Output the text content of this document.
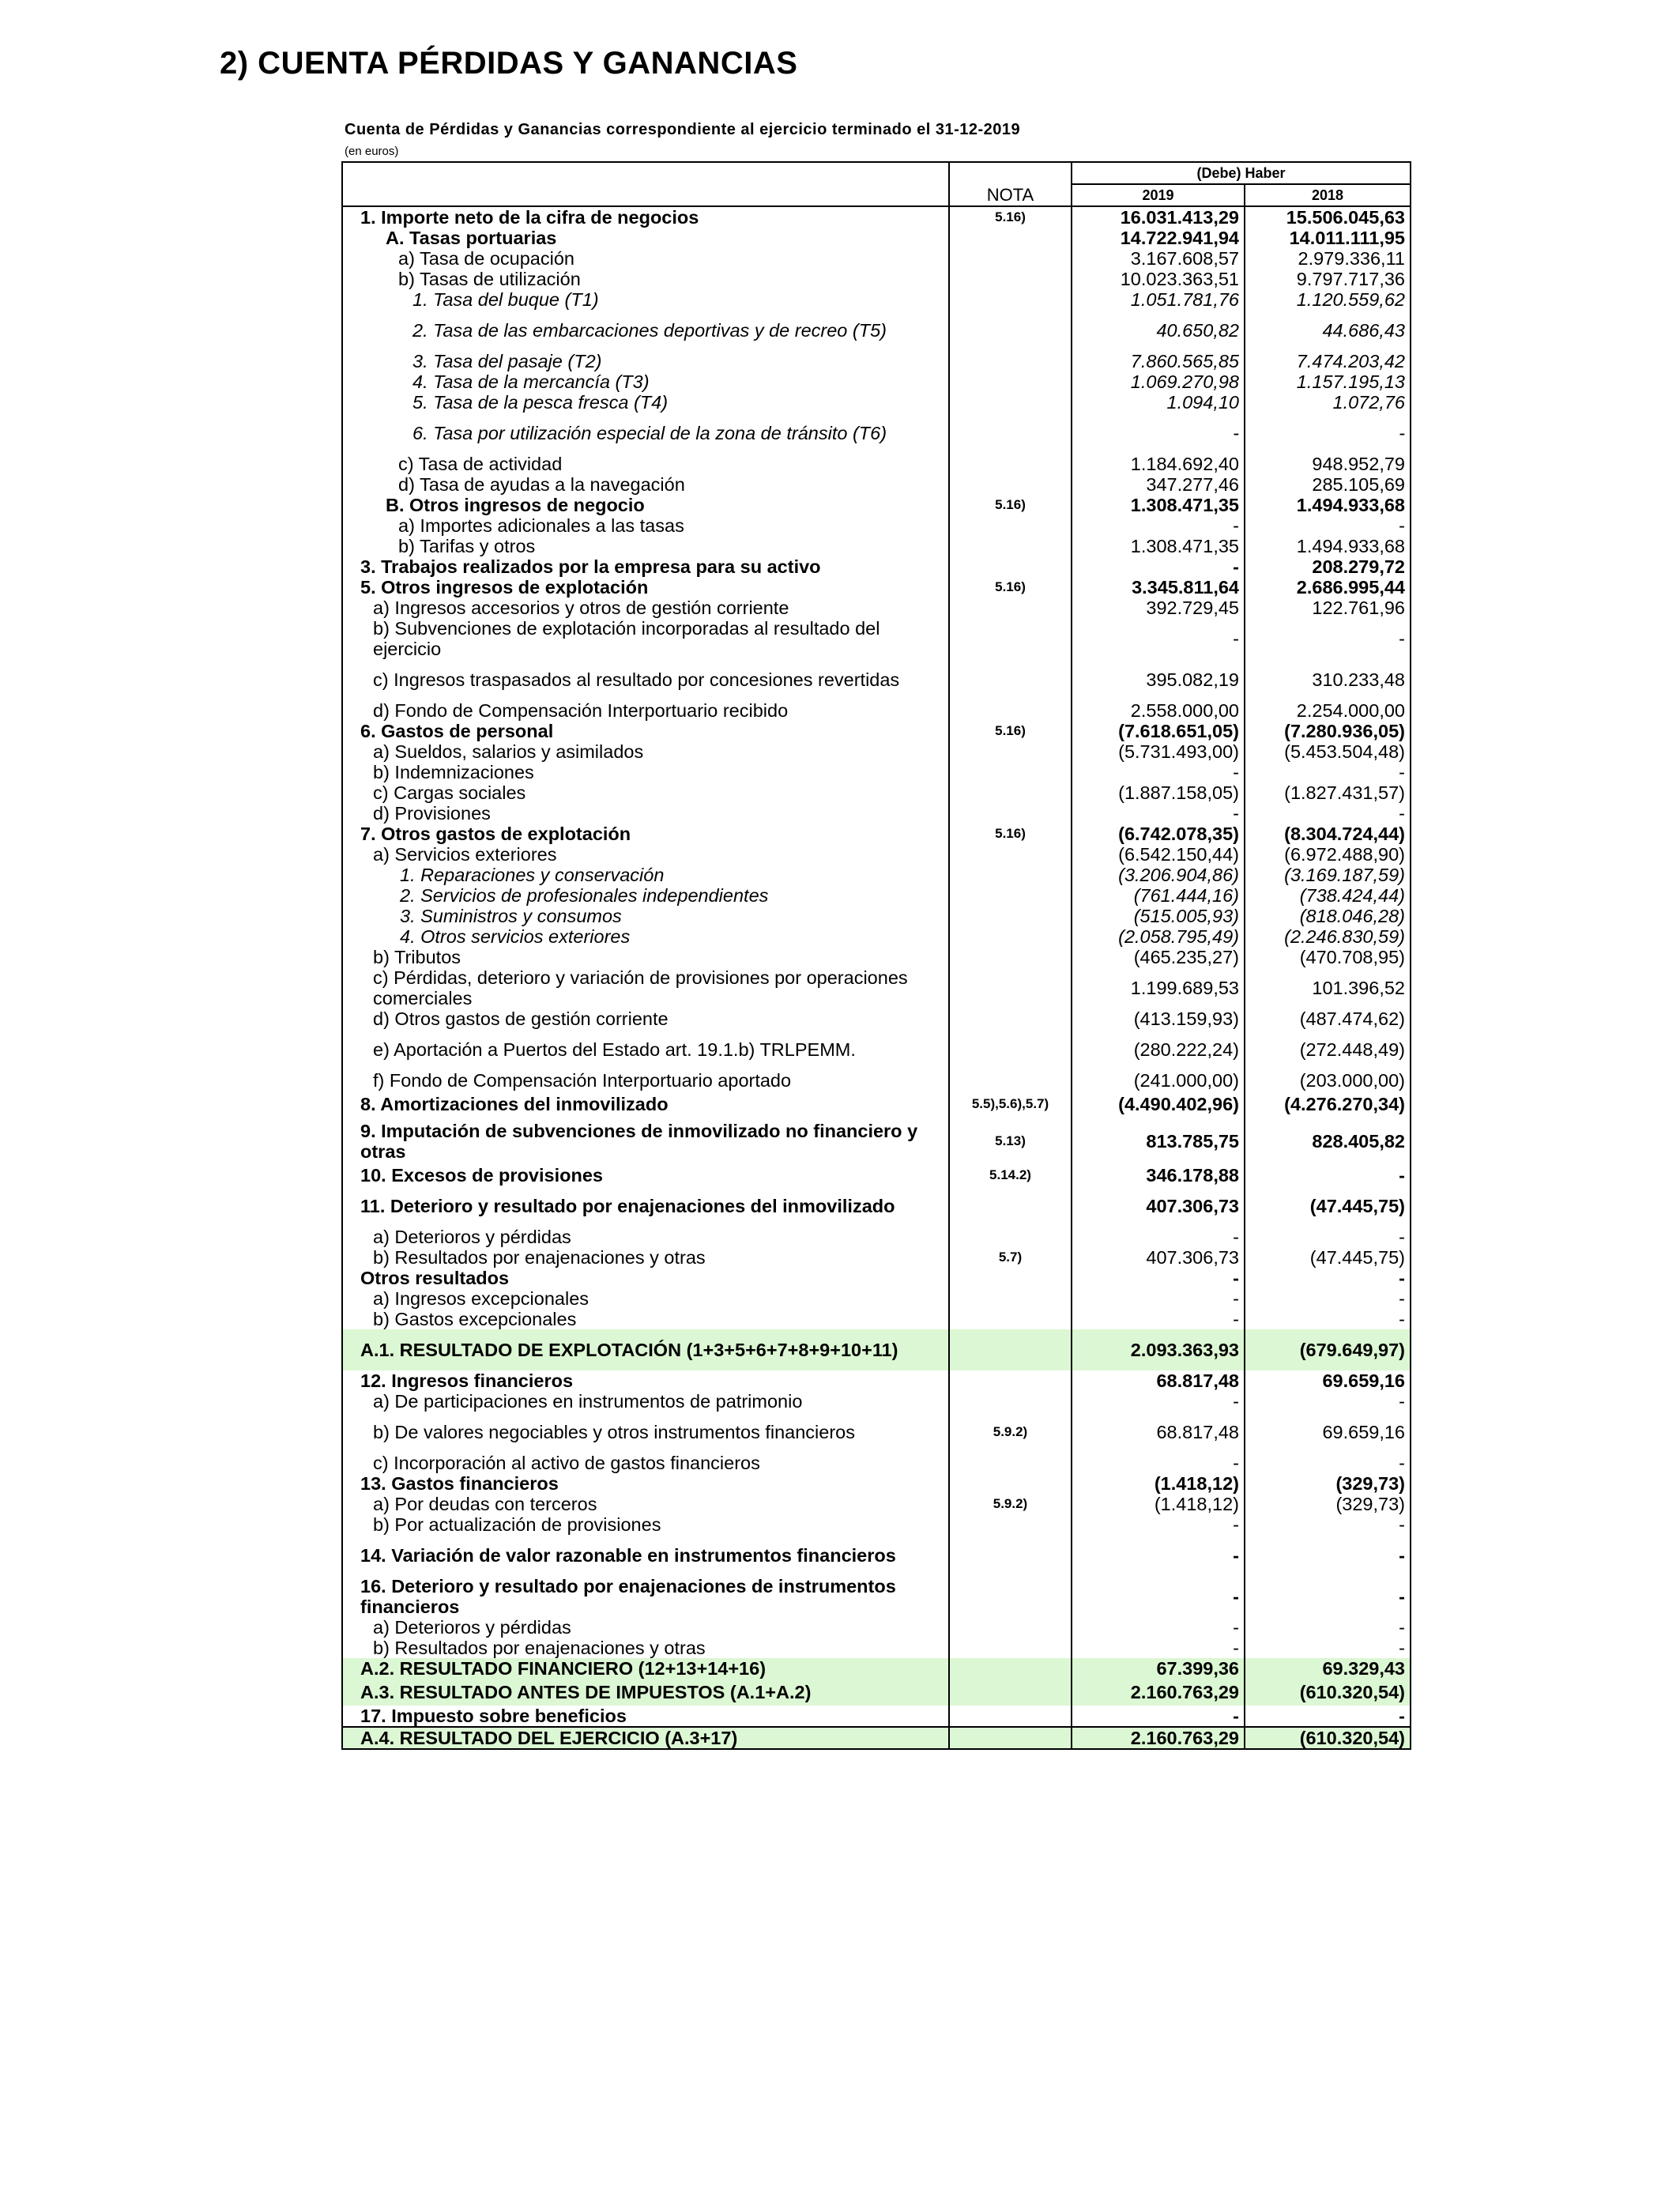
2) CUENTA PÉRDIDAS Y GANANCIAS
Cuenta de Pérdidas y Ganancias correspondiente al ejercicio terminado el 31-12-2019
(en euros)
		(Debe) Haber	
	NOTA	2019	2018
1. Importe neto de la cifra de negocios	5.16)	16.031.413,29	15.506.045,63
A. Tasas portuarias		14.722.941,94	14.011.111,95
a) Tasa de ocupación		3.167.608,57	2.979.336,11
b) Tasas de utilización		10.023.363,51	9.797.717,36
1. Tasa del buque (T1)		1.051.781,76	1.120.559,62
2. Tasa de las embarcaciones deportivas y de recreo (T5)		40.650,82	44.686,43
3. Tasa del pasaje (T2)		7.860.565,85	7.474.203,42
4. Tasa de la mercancía (T3)		1.069.270,98	1.157.195,13
5. Tasa de la pesca fresca (T4)		1.094,10	1.072,76
6. Tasa por utilización especial de la zona de tránsito (T6)		-	-
c) Tasa de actividad		1.184.692,40	948.952,79
d) Tasa de ayudas a la navegación		347.277,46	285.105,69
B. Otros ingresos de negocio	5.16)	1.308.471,35	1.494.933,68
a) Importes adicionales a las tasas		-	-
b) Tarifas y otros		1.308.471,35	1.494.933,68
3. Trabajos realizados por la empresa para su activo		-	208.279,72
5. Otros ingresos de explotación	5.16)	3.345.811,64	2.686.995,44
a) Ingresos accesorios y otros de gestión corriente		392.729,45	122.761,96
b) Subvenciones de explotación incorporadas al resultado del ejercicio		-	-
c) Ingresos traspasados al resultado por concesiones revertidas		395.082,19	310.233,48
d) Fondo de Compensación Interportuario recibido		2.558.000,00	2.254.000,00
6. Gastos de personal	5.16)	(7.618.651,05)	(7.280.936,05)
a) Sueldos, salarios y asimilados		(5.731.493,00)	(5.453.504,48)
b) Indemnizaciones		-	-
c) Cargas sociales		(1.887.158,05)	(1.827.431,57)
d) Provisiones		-	-
7. Otros gastos de explotación	5.16)	(6.742.078,35)	(8.304.724,44)
a) Servicios exteriores		(6.542.150,44)	(6.972.488,90)
1. Reparaciones y conservación		(3.206.904,86)	(3.169.187,59)
2. Servicios de profesionales independientes		(761.444,16)	(738.424,44)
3. Suministros y consumos		(515.005,93)	(818.046,28)
4. Otros servicios exteriores		(2.058.795,49)	(2.246.830,59)
b) Tributos		(465.235,27)	(470.708,95)
c) Pérdidas, deterioro y variación de provisiones por operaciones comerciales		1.199.689,53	101.396,52
d) Otros gastos de gestión corriente		(413.159,93)	(487.474,62)
e) Aportación a Puertos del Estado art. 19.1.b) TRLPEMM.		(280.222,24)	(272.448,49)
f) Fondo de Compensación Interportuario aportado		(241.000,00)	(203.000,00)
8. Amortizaciones del inmovilizado	5.5),5.6),5.7)	(4.490.402,96)	(4.276.270,34)
9. Imputación de subvenciones de inmovilizado no financiero y otras	5.13)	813.785,75	828.405,82
10. Excesos de provisiones	5.14.2)	346.178,88	-
11. Deterioro y resultado por enajenaciones del inmovilizado		407.306,73	(47.445,75)
a) Deterioros y pérdidas		-	-
b) Resultados por enajenaciones y otras	5.7)	407.306,73	(47.445,75)
Otros resultados		-	-
a) Ingresos excepcionales		-	-
b) Gastos excepcionales		-	-
A.1. RESULTADO DE EXPLOTACIÓN (1+3+5+6+7+8+9+10+11)		2.093.363,93	(679.649,97)
12. Ingresos financieros		68.817,48	69.659,16
a) De participaciones en instrumentos de patrimonio		-	-
b) De valores negociables y otros instrumentos financieros	5.9.2)	68.817,48	69.659,16
c) Incorporación al activo de gastos financieros		-	-
13. Gastos financieros		(1.418,12)	(329,73)
a) Por deudas con terceros	5.9.2)	(1.418,12)	(329,73)
b) Por actualización de provisiones		-	-
14. Variación de valor razonable en instrumentos financieros		-	-
16. Deterioro y resultado por enajenaciones de instrumentos financieros		-	-
a) Deterioros y pérdidas		-	-
b) Resultados por enajenaciones y otras		-	-
A.2. RESULTADO FINANCIERO (12+13+14+16)		67.399,36	69.329,43
A.3. RESULTADO ANTES DE IMPUESTOS (A.1+A.2)		2.160.763,29	(610.320,54)
17. Impuesto sobre beneficios		-	-
A.4. RESULTADO DEL EJERCICIO (A.3+17)		2.160.763,29	(610.320,54)
